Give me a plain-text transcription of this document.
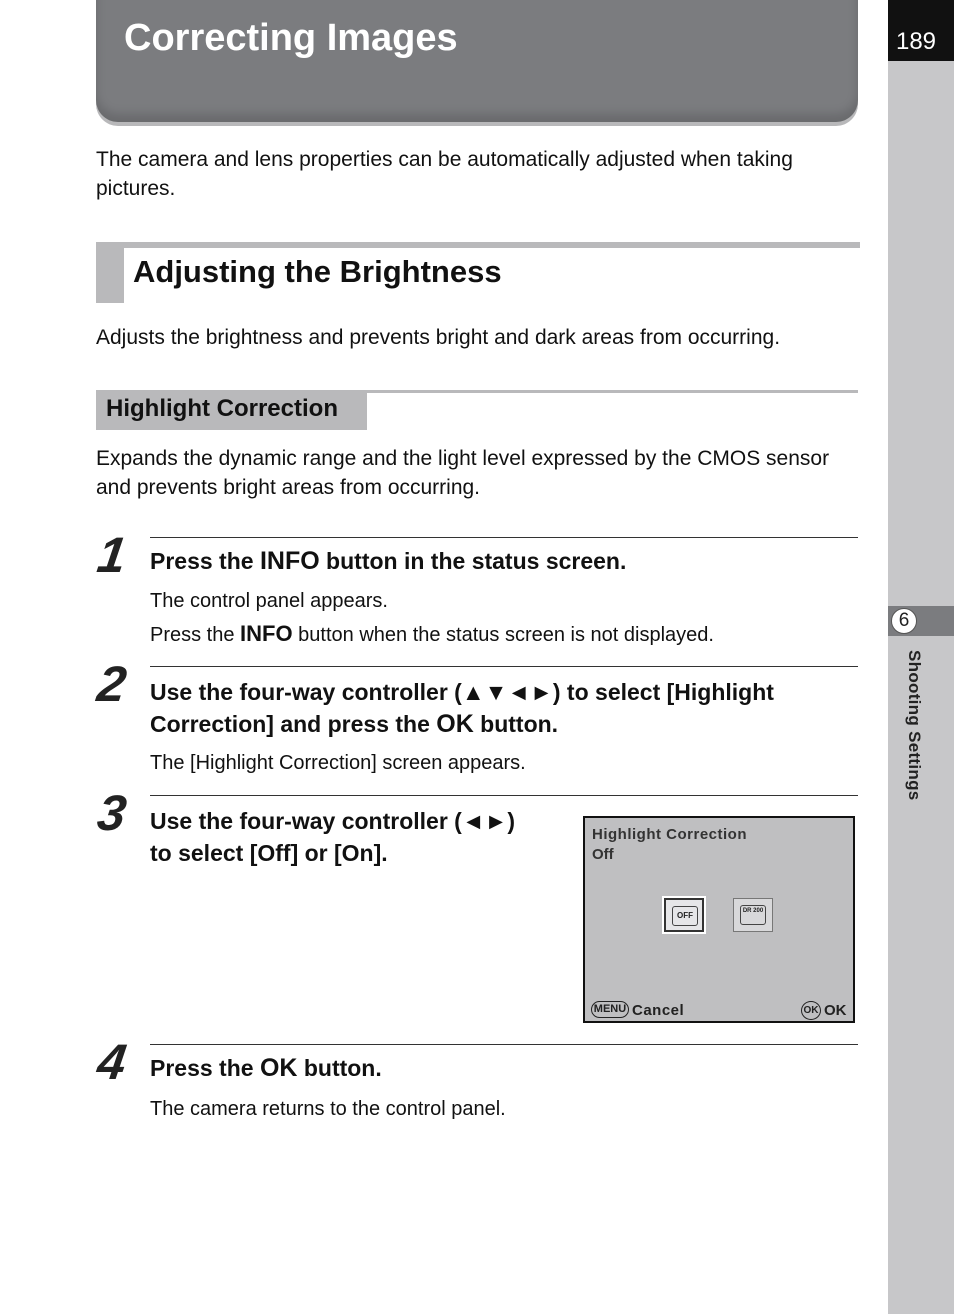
Correcting Images	189
6
Shooting Settings
The camera and lens properties can be automatically adjusted when taking pictures.
Adjusting the Brightness
Adjusts the brightness and prevents bright and dark areas from occurring.
Highlight Correction
Expands the dynamic range and the light level expressed by the CMOS sensor and prevents bright areas from occurring.
1 Press the INFO button in the status screen.
The control panel appears.
Press the INFO button when the status screen is not displayed.
2 Use the four-way controller (▲▼◄►) to select [Highlight
Correction] and press the OK button.
The [Highlight Correction] screen appears.
3 Use the four-way controller (◄►)
to select [Off] or [On].
Highlight Correction
Off
OFF	DR 200
MENU Cancel	OK OK
4 Press the OK button.
The camera returns to the control panel.
